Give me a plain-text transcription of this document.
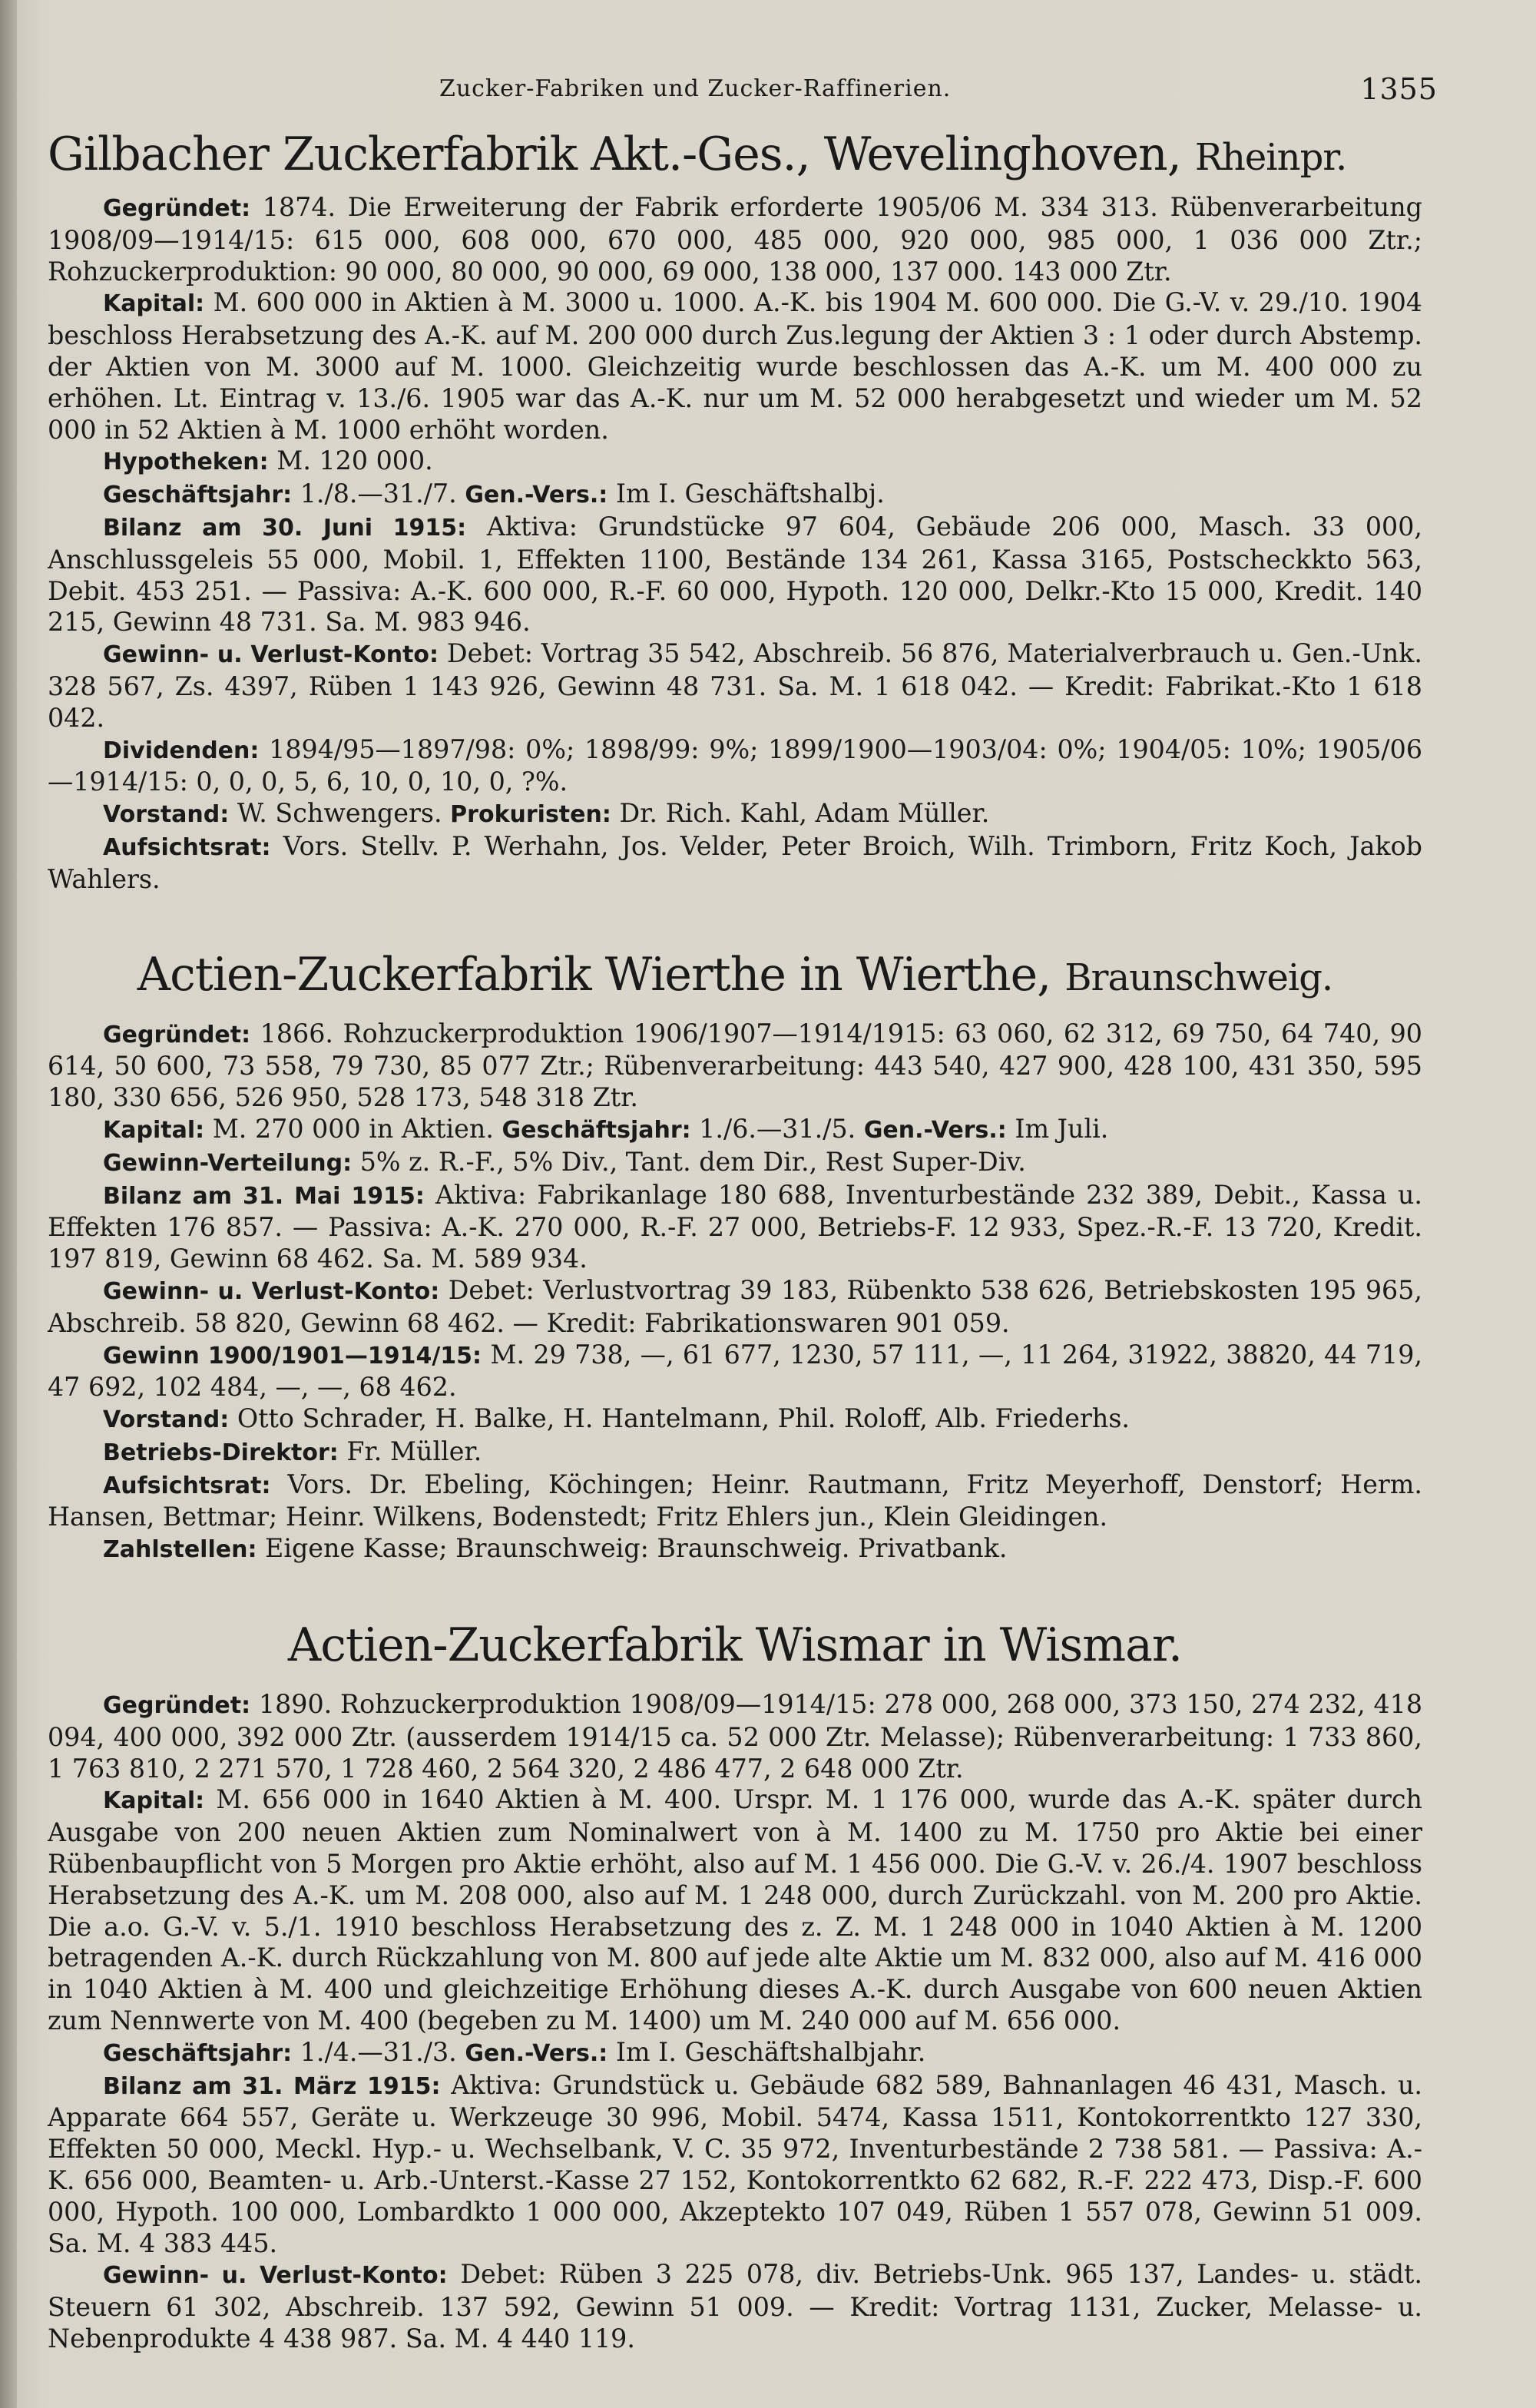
Zucker-Fabriken und Zucker-Raffinerien.	1355
Gilbacher Zuckerfabrik Akt.-Ges., Wevelinghoven, Rheinpr.

Gegründet: 1874. Die Erweiterung der Fabrik erforderte 1905/06 M. 334 313. Rübenverarbeitung 1908/09—1914/15: 615 000, 608 000, 670 000, 485 000, 920 000, 985 000, 1 036 000 Ztr.; Rohzuckerproduktion: 90 000, 80 000, 90 000, 69 000, 138 000, 137 000. 143 000 Ztr.

Kapital: M. 600 000 in Aktien à M. 3000 u. 1000. A.-K. bis 1904 M. 600 000. Die G.-V. v. 29./10. 1904 beschloss Herabsetzung des A.-K. auf M. 200 000 durch Zus.legung der Aktien 3 : 1 oder durch Abstemp. der Aktien von M. 3000 auf M. 1000. Gleichzeitig wurde beschlossen das A.-K. um M. 400 000 zu erhöhen. Lt. Eintrag v. 13./6. 1905 war das A.-K. nur um M. 52 000 herabgesetzt und wieder um M. 52 000 in 52 Aktien à M. 1000 erhöht worden.

Hypotheken: M. 120 000.

Geschäftsjahr: 1./8.—31./7. Gen.-Vers.: Im I. Geschäftshalbj.

Bilanz am 30. Juni 1915: Aktiva: Grundstücke 97 604, Gebäude 206 000, Masch. 33 000, Anschlussgeleis 55 000, Mobil. 1, Effekten 1100, Bestände 134 261, Kassa 3165, Postscheckkto 563, Debit. 453 251. — Passiva: A.-K. 600 000, R.-F. 60 000, Hypoth. 120 000, Delkr.-Kto 15 000, Kredit. 140 215, Gewinn 48 731. Sa. M. 983 946.

Gewinn- u. Verlust-Konto: Debet: Vortrag 35 542, Abschreib. 56 876, Materialverbrauch u. Gen.-Unk. 328 567, Zs. 4397, Rüben 1 143 926, Gewinn 48 731. Sa. M. 1 618 042. — Kredit: Fabrikat.-Kto 1 618 042.

Dividenden: 1894/95—1897/98: 0%; 1898/99: 9%; 1899/1900—1903/04: 0%; 1904/05: 10%; 1905/06—1914/15: 0, 0, 0, 5, 6, 10, 0, 10, 0, ?%.

Vorstand: W. Schwengers. Prokuristen: Dr. Rich. Kahl, Adam Müller.

Aufsichtsrat: Vors. Stellv. P. Werhahn, Jos. Velder, Peter Broich, Wilh. Trimborn, Fritz Koch, Jakob Wahlers.

Actien-Zuckerfabrik Wierthe in Wierthe, Braunschweig.

Gegründet: 1866. Rohzuckerproduktion 1906/1907—1914/1915: 63 060, 62 312, 69 750, 64 740, 90 614, 50 600, 73 558, 79 730, 85 077 Ztr.; Rübenverarbeitung: 443 540, 427 900, 428 100, 431 350, 595 180, 330 656, 526 950, 528 173, 548 318 Ztr.

Kapital: M. 270 000 in Aktien. Geschäftsjahr: 1./6.—31./5. Gen.-Vers.: Im Juli.

Gewinn-Verteilung: 5% z. R.-F., 5% Div., Tant. dem Dir., Rest Super-Div.

Bilanz am 31. Mai 1915: Aktiva: Fabrikanlage 180 688, Inventurbestände 232 389, Debit., Kassa u. Effekten 176 857. — Passiva: A.-K. 270 000, R.-F. 27 000, Betriebs-F. 12 933, Spez.-R.-F. 13 720, Kredit. 197 819, Gewinn 68 462. Sa. M. 589 934.

Gewinn- u. Verlust-Konto: Debet: Verlustvortrag 39 183, Rübenkto 538 626, Betriebskosten 195 965, Abschreib. 58 820, Gewinn 68 462. — Kredit: Fabrikationswaren 901 059.

Gewinn 1900/1901—1914/15: M. 29 738, —, 61 677, 1230, 57 111, —, 11 264, 31922, 38820, 44 719, 47 692, 102 484, —, —, 68 462.

Vorstand: Otto Schrader, H. Balke, H. Hantelmann, Phil. Roloff, Alb. Friederhs.

Betriebs-Direktor: Fr. Müller.

Aufsichtsrat: Vors. Dr. Ebeling, Köchingen; Heinr. Rautmann, Fritz Meyerhoff, Denstorf; Herm. Hansen, Bettmar; Heinr. Wilkens, Bodenstedt; Fritz Ehlers jun., Klein Gleidingen.

Zahlstellen: Eigene Kasse; Braunschweig: Braunschweig. Privatbank.

Actien-Zuckerfabrik Wismar in Wismar.

Gegründet: 1890. Rohzuckerproduktion 1908/09—1914/15: 278 000, 268 000, 373 150, 274 232, 418 094, 400 000, 392 000 Ztr. (ausserdem 1914/15 ca. 52 000 Ztr. Melasse); Rübenverarbeitung: 1 733 860, 1 763 810, 2 271 570, 1 728 460, 2 564 320, 2 486 477, 2 648 000 Ztr.

Kapital: M. 656 000 in 1640 Aktien à M. 400. Urspr. M. 1 176 000, wurde das A.-K. später durch Ausgabe von 200 neuen Aktien zum Nominalwert von à M. 1400 zu M. 1750 pro Aktie bei einer Rübenbaupflicht von 5 Morgen pro Aktie erhöht, also auf M. 1 456 000. Die G.-V. v. 26./4. 1907 beschloss Herabsetzung des A.-K. um M. 208 000, also auf M. 1 248 000, durch Zurückzahl. von M. 200 pro Aktie. Die a.o. G.-V. v. 5./1. 1910 beschloss Herabsetzung des z. Z. M. 1 248 000 in 1040 Aktien à M. 1200 betragenden A.-K. durch Rückzahlung von M. 800 auf jede alte Aktie um M. 832 000, also auf M. 416 000 in 1040 Aktien à M. 400 und gleichzeitige Erhöhung dieses A.-K. durch Ausgabe von 600 neuen Aktien zum Nennwerte von M. 400 (begeben zu M. 1400) um M. 240 000 auf M. 656 000.

Geschäftsjahr: 1./4.—31./3. Gen.-Vers.: Im I. Geschäftshalbjahr.

Bilanz am 31. März 1915: Aktiva: Grundstück u. Gebäude 682 589, Bahnanlagen 46 431, Masch. u. Apparate 664 557, Geräte u. Werkzeuge 30 996, Mobil. 5474, Kassa 1511, Kontokorrentkto 127 330, Effekten 50 000, Meckl. Hyp.- u. Wechselbank, V. C. 35 972, Inventurbestände 2 738 581. — Passiva: A.-K. 656 000, Beamten- u. Arb.-Unterst.-Kasse 27 152, Kontokorrentkto 62 682, R.-F. 222 473, Disp.-F. 600 000, Hypoth. 100 000, Lombardkto 1 000 000, Akzeptekto 107 049, Rüben 1 557 078, Gewinn 51 009. Sa. M. 4 383 445.

Gewinn- u. Verlust-Konto: Debet: Rüben 3 225 078, div. Betriebs-Unk. 965 137, Landes- u. städt. Steuern 61 302, Abschreib. 137 592, Gewinn 51 009. — Kredit: Vortrag 1131, Zucker, Melasse- u. Nebenprodukte 4 438 987. Sa. M. 4 440 119.
